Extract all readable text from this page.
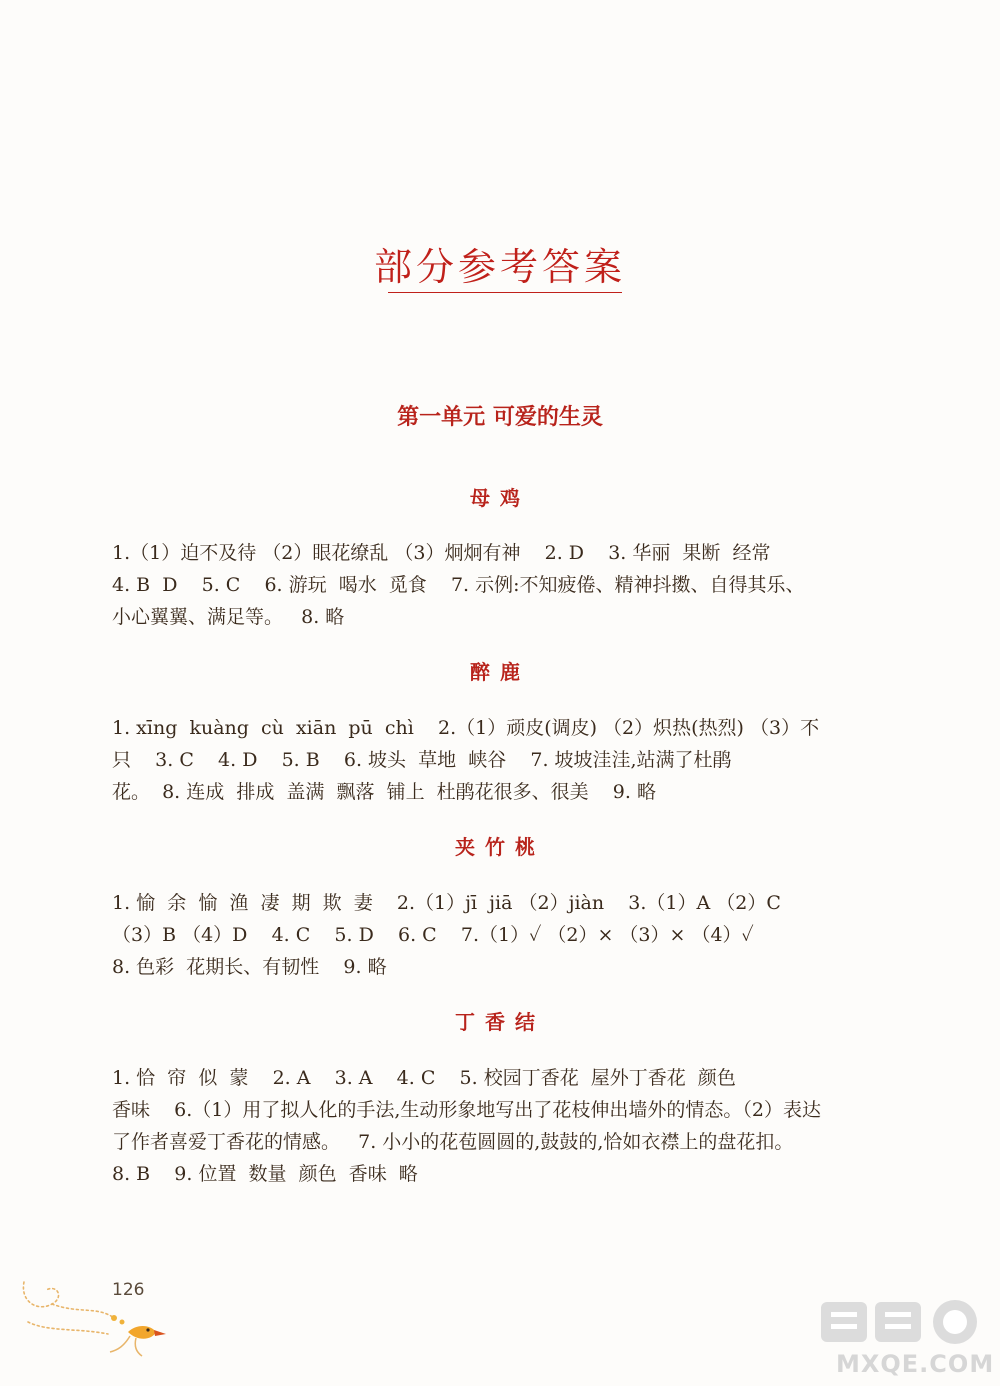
部分参考答案
第一单元 可爱的生灵
母鸡
1.（1）迫不及待 （2）眼花缭乱 （3）炯炯有神    2. D    3. 华丽  果断  经常
4. B  D    5. C    6. 游玩  喝水  觅食    7. 示例:不知疲倦、精神抖擞、自得其乐、
小心翼翼、满足等。   8. 略
醉鹿
1. xīng  kuàng  cù  xiān  pū  chì    2.（1）顽皮(调皮) （2）炽热(热烈) （3）不
只    3. C    4. D    5. B    6. 坡头  草地  峡谷    7. 坡坡洼洼,站满了杜鹃
花。  8. 连成  排成  盖满  飘落  铺上  杜鹃花很多、很美    9. 略
夹竹桃
1. 愉  余  愉  渔  凄  期  欺  妻    2.（1）jī  jiā （2）jiàn    3.（1）A （2）C
（3）B （4）D    4. C    5. D    6. C    7.（1）✓ （2）× （3）× （4）✓
8. 色彩  花期长、有韧性    9. 略
丁香结
1. 恰  帘  似  蒙    2. A    3. A    4. C    5. 校园丁香花  屋外丁香花  颜色
香味    6.（1）用了拟人化的手法,生动形象地写出了花枝伸出墙外的情态。（2）表达
了作者喜爱丁香花的情感。   7. 小小的花苞圆圆的,鼓鼓的,恰如衣襟上的盘花扣。
8. B    9. 位置  数量  颜色  香味  略
126
MXQE.COM
